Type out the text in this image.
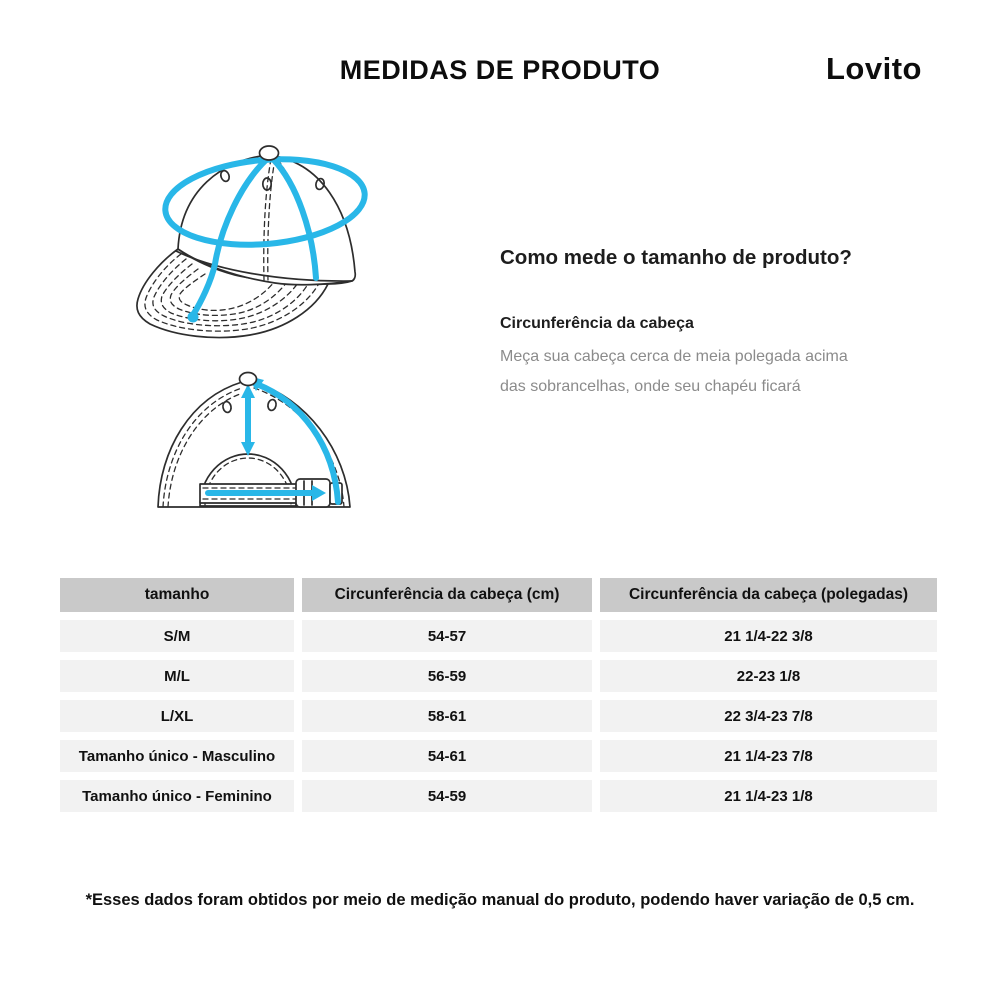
MEDIDAS DE PRODUTO	Lovito
Como mede o tamanho de produto?
Circunferência da cabeça
Meça sua cabeça cerca de meia polegada acima
das sobrancelhas, onde seu chapéu ficará
tamanho	Circunferência da cabeça (cm)	Circunferência da cabeça (polegadas)
S/M	54-57	21 1/4-22 3/8
M/L	56-59	22-23 1/8
L/XL	58-61	22 3/4-23 7/8
Tamanho único - Masculino	54-61	21 1/4-23 7/8
Tamanho único - Feminino	54-59	21 1/4-23 1/8
*Esses dados foram obtidos por meio de medição manual do produto, podendo haver variação de 0,5 cm.
